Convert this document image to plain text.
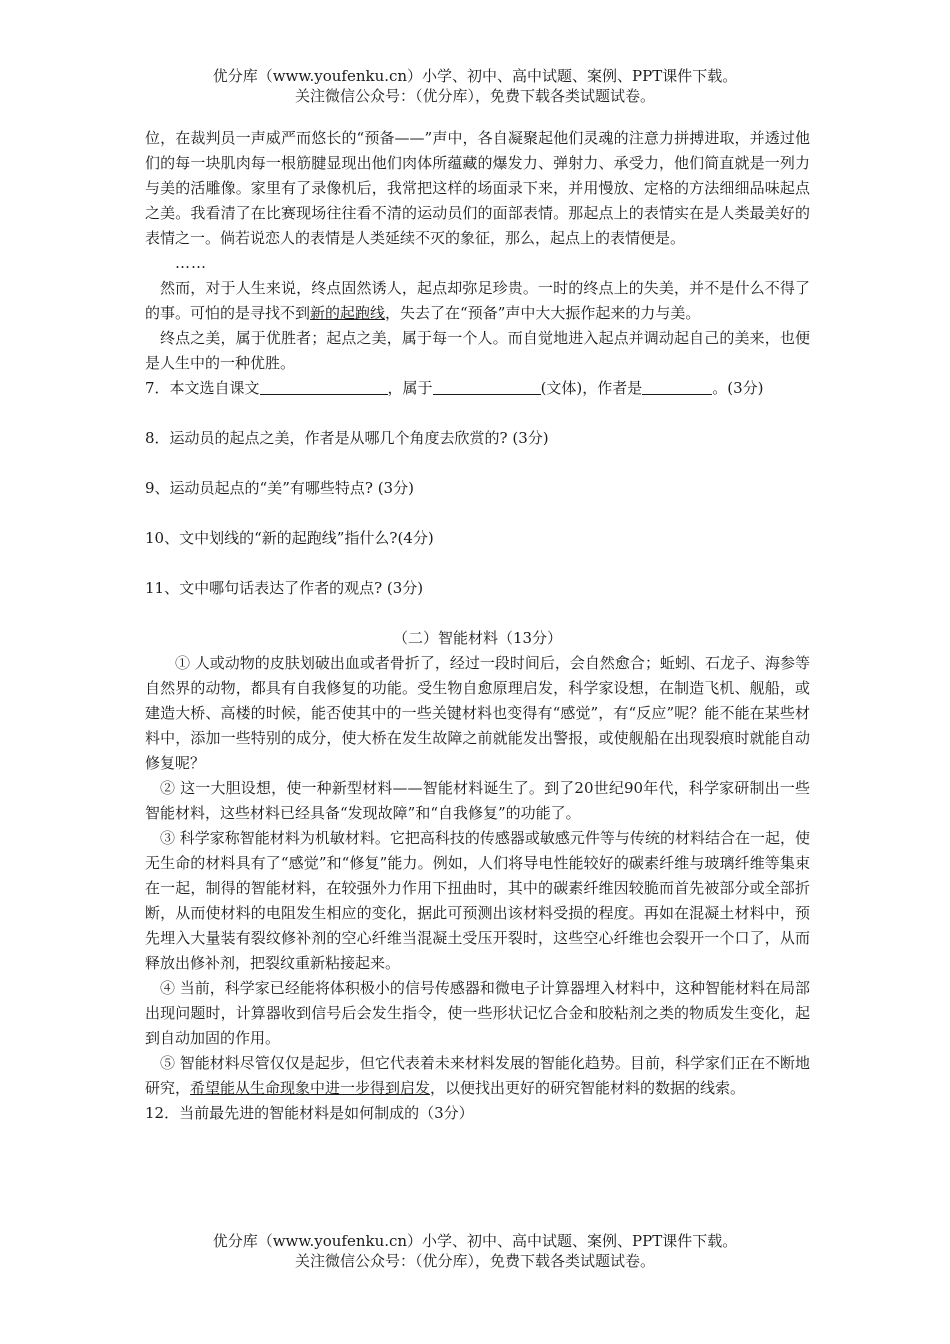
优分库（www.youfenku.cn）小学、初中、高中试题、案例、PPT课件下载。
关注微信公众号：（优分库），免费下载各类试题试卷。

位，在裁判员一声威严而悠长的“预备——”声中，各自凝聚起他们灵魂的注意力拼搏进取，并透过他们的每一块肌肉每一根筋腱显现出他们肉体所蕴藏的爆发力、弹射力、承受力，他们简直就是一列力与美的活雕像。家里有了录像机后，我常把这样的场面录下来，并用慢放、定格的方法细细品味起点之美。我看清了在比赛现场往往看不清的运动员们的面部表情。那起点上的表情实在是人类最美好的表情之一。倘若说恋人的表情是人类延续不灭的象征，那么，起点上的表情便是。

……

然而，对于人生来说，终点固然诱人，起点却弥足珍贵。一时的终点上的失美，并不是什么不得了的事。可怕的是寻找不到新的起跑线，失去了在“预备”声中大大振作起来的力与美。

终点之美，属于优胜者；起点之美，属于每一个人。而自觉地进入起点并调动起自己的美来，也便是人生中的一种优胜。

7．本文选自课文	，属于	(文体)，作者是	。(3分)

8．运动员的起点之美，作者是从哪几个角度去欣赏的? (3分)

9、运动员起点的“美”有哪些特点? (3分)

10、文中划线的“新的起跑线”指什么?(4分)

11、文中哪句话表达了作者的观点? (3分)

（二）智能材料（13分）

① 人或动物的皮肤划破出血或者骨折了，经过一段时间后，会自然愈合；蚯蚓、石龙子、海参等自然界的动物，都具有自我修复的功能。受生物自愈原理启发，科学家设想，在制造飞机、舰船，或建造大桥、高楼的时候，能否使其中的一些关键材料也变得有“感觉”，有“反应”呢？能不能在某些材料中，添加一些特别的成分，使大桥在发生故障之前就能发出警报，或使舰船在出现裂痕时就能自动修复呢？

② 这一大胆设想，使一种新型材料——智能材料诞生了。到了20世纪90年代，科学家研制出一些智能材料，这些材料已经具备“发现故障”和“自我修复”的功能了。

③ 科学家称智能材料为机敏材料。它把高科技的传感器或敏感元件等与传统的材料结合在一起，使无生命的材料具有了“感觉”和“修复”能力。例如，人们将导电性能较好的碳素纤维与玻璃纤维等集束在一起，制得的智能材料，在较强外力作用下扭曲时，其中的碳素纤维因较脆而首先被部分或全部折断，从而使材料的电阻发生相应的变化，据此可预测出该材料受损的程度。再如在混凝土材料中，预先埋入大量装有裂纹修补剂的空心纤维当混凝土受压开裂时，这些空心纤维也会裂开一个口了，从而释放出修补剂，把裂纹重新粘接起来。

④ 当前，科学家已经能将体积极小的信号传感器和微电子计算器埋入材料中，这种智能材料在局部出现问题时，计算器收到信号后会发生指令，使一些形状记忆合金和胶粘剂之类的物质发生变化，起到自动加固的作用。

⑤ 智能材料尽管仅仅是起步，但它代表着未来材料发展的智能化趋势。目前，科学家们正在不断地研究，希望能从生命现象中进一步得到启发，以便找出更好的研究智能材料的数据的线索。

12．当前最先进的智能材料是如何制成的（3分）

优分库（www.youfenku.cn）小学、初中、高中试题、案例、PPT课件下载。
关注微信公众号：（优分库），免费下载各类试题试卷。
